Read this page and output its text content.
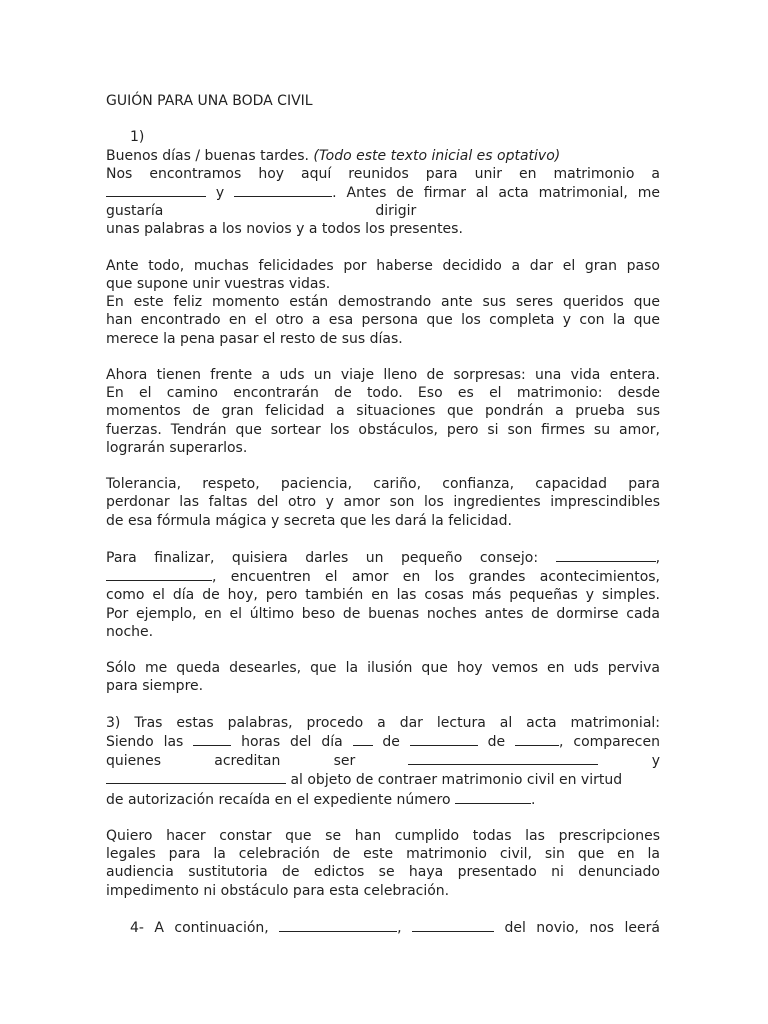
GUIÓN PARA UNA BODA CIVIL
1)
Buenos días / buenas tardes. (Todo este texto inicial es optativo)
Nos encontramos hoy aquí reunidos para unir en matrimonio a
y	. Antes de firmar al acta matrimonial, me
gustaría	dirigir
unas palabras a los novios y a todos los presentes.
Ante todo, muchas felicidades por haberse decidido a dar el gran paso
que supone unir vuestras vidas.
En este feliz momento están demostrando ante sus seres queridos que
han encontrado en el otro a esa persona que los completa y con la que
merece la pena pasar el resto de sus días.
Ahora tienen frente a uds un viaje lleno de sorpresas: una vida entera.
En el camino encontrarán de todo. Eso es el matrimonio: desde
momentos de gran felicidad a situaciones que pondrán a prueba sus
fuerzas. Tendrán que sortear los obstáculos, pero si son firmes su amor,
lograrán superarlos.
Tolerancia, respeto, paciencia, cariño, confianza, capacidad para
perdonar las faltas del otro y amor son los ingredientes imprescindibles
de esa fórmula mágica y secreta que les dará la felicidad.
Para finalizar, quisiera darles un pequeño consejo:	,
, encuentren el amor en los grandes acontecimientos,
como el día de hoy, pero también en las cosas más pequeñas y simples.
Por ejemplo, en el último beso de buenas noches antes de dormirse cada
noche.
Sólo me queda desearles, que la ilusión que hoy vemos en uds perviva
para siempre.
3) Tras estas palabras, procedo a dar lectura al acta matrimonial:
Siendo las	horas del día	de	de	, comparecen
quienes	acreditan	ser	y
al objeto de contraer matrimonio civil en virtud
de autorización recaída en el expediente número	.
Quiero hacer constar que se han cumplido todas las prescripciones
legales para la celebración de este matrimonio civil, sin que en la
audiencia sustitutoria de edictos se haya presentado ni denunciado
impedimento ni obstáculo para esta celebración.
4- A continuación,	,	del novio, nos leerá
